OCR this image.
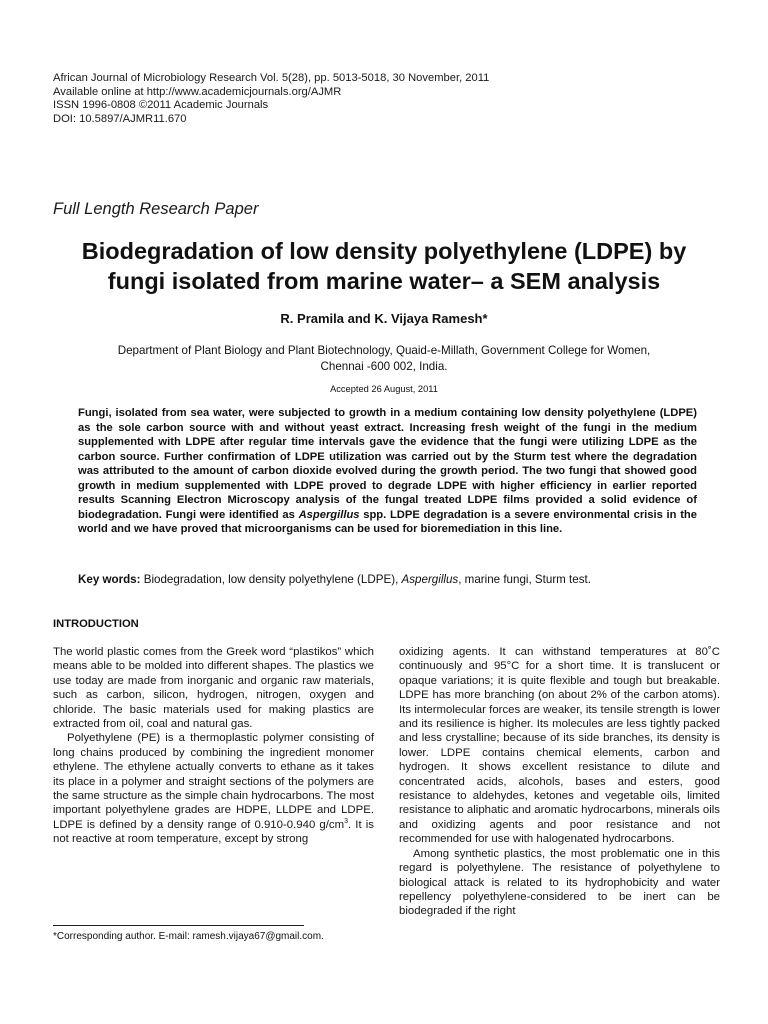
African Journal of Microbiology Research Vol. 5(28), pp. 5013-5018, 30 November, 2011
Available online at http://www.academicjournals.org/AJMR
ISSN 1996-0808 ©2011 Academic Journals
DOI: 10.5897/AJMR11.670
Full Length Research Paper
Biodegradation of low density polyethylene (LDPE) by
fungi isolated from marine water– a SEM analysis
R. Pramila and K. Vijaya Ramesh*
Department of Plant Biology and Plant Biotechnology, Quaid-e-Millath, Government College for Women,
Chennai -600 002, India.
Accepted 26 August, 2011
Fungi, isolated from sea water, were subjected to growth in a medium containing low density polyethylene (LDPE) as the sole carbon source with and without yeast extract. Increasing fresh weight of the fungi in the medium supplemented with LDPE after regular time intervals gave the evidence that the fungi were utilizing LDPE as the carbon source. Further confirmation of LDPE utilization was carried out by the Sturm test where the degradation was attributed to the amount of carbon dioxide evolved during the growth period. The two fungi that showed good growth in medium supplemented with LDPE proved to degrade LDPE with higher efficiency in earlier reported results Scanning Electron Microscopy analysis of the fungal treated LDPE films provided a solid evidence of biodegradation. Fungi were identified as Aspergillus spp. LDPE degradation is a severe environmental crisis in the world and we have proved that microorganisms can be used for bioremediation in this line.
Key words: Biodegradation, low density polyethylene (LDPE), Aspergillus, marine fungi, Sturm test.
INTRODUCTION

The world plastic comes from the Greek word “plastikos” which means able to be molded into different shapes. The plastics we use today are made from inorganic and organic raw materials, such as carbon, silicon, hydrogen, nitrogen, oxygen and chloride. The basic materials used for making plastics are extracted from oil, coal and natural gas.

Polyethylene (PE) is a thermoplastic polymer consisting of long chains produced by combining the ingredient monomer ethylene. The ethylene actually converts to ethane as it takes its place in a polymer and straight sections of the polymers are the same structure as the simple chain hydrocarbons. The most important polyethylene grades are HDPE, LLDPE and LDPE. LDPE is defined by a density range of 0.910-0.940 $g/cm^3$. It is not reactive at room temperature, except by strong

oxidizing agents. It can withstand temperatures at 80˚C continuously and 95°C for a short time. It is translucent or opaque variations; it is quite flexible and tough but breakable. LDPE has more branching (on about 2% of the carbon atoms). Its intermolecular forces are weaker, its tensile strength is lower and its resilience is higher. Its molecules are less tightly packed and less crystalline; because of its side branches, its density is lower. LDPE contains chemical elements, carbon and hydrogen. It shows excellent resistance to dilute and concentrated acids, alcohols, bases and esters, good resistance to aldehydes, ketones and vegetable oils, limited resistance to aliphatic and aromatic hydrocarbons, minerals oils and oxidizing agents and poor resistance and not recommended for use with halogenated hydrocarbons.

Among synthetic plastics, the most problematic one in this regard is polyethylene. The resistance of polyethylene to biological attack is related to its hydrophobicity and water repellency polyethylene-considered to be inert can be biodegraded if the right

*Corresponding author. E-mail: ramesh.vijaya67@gmail.com.
